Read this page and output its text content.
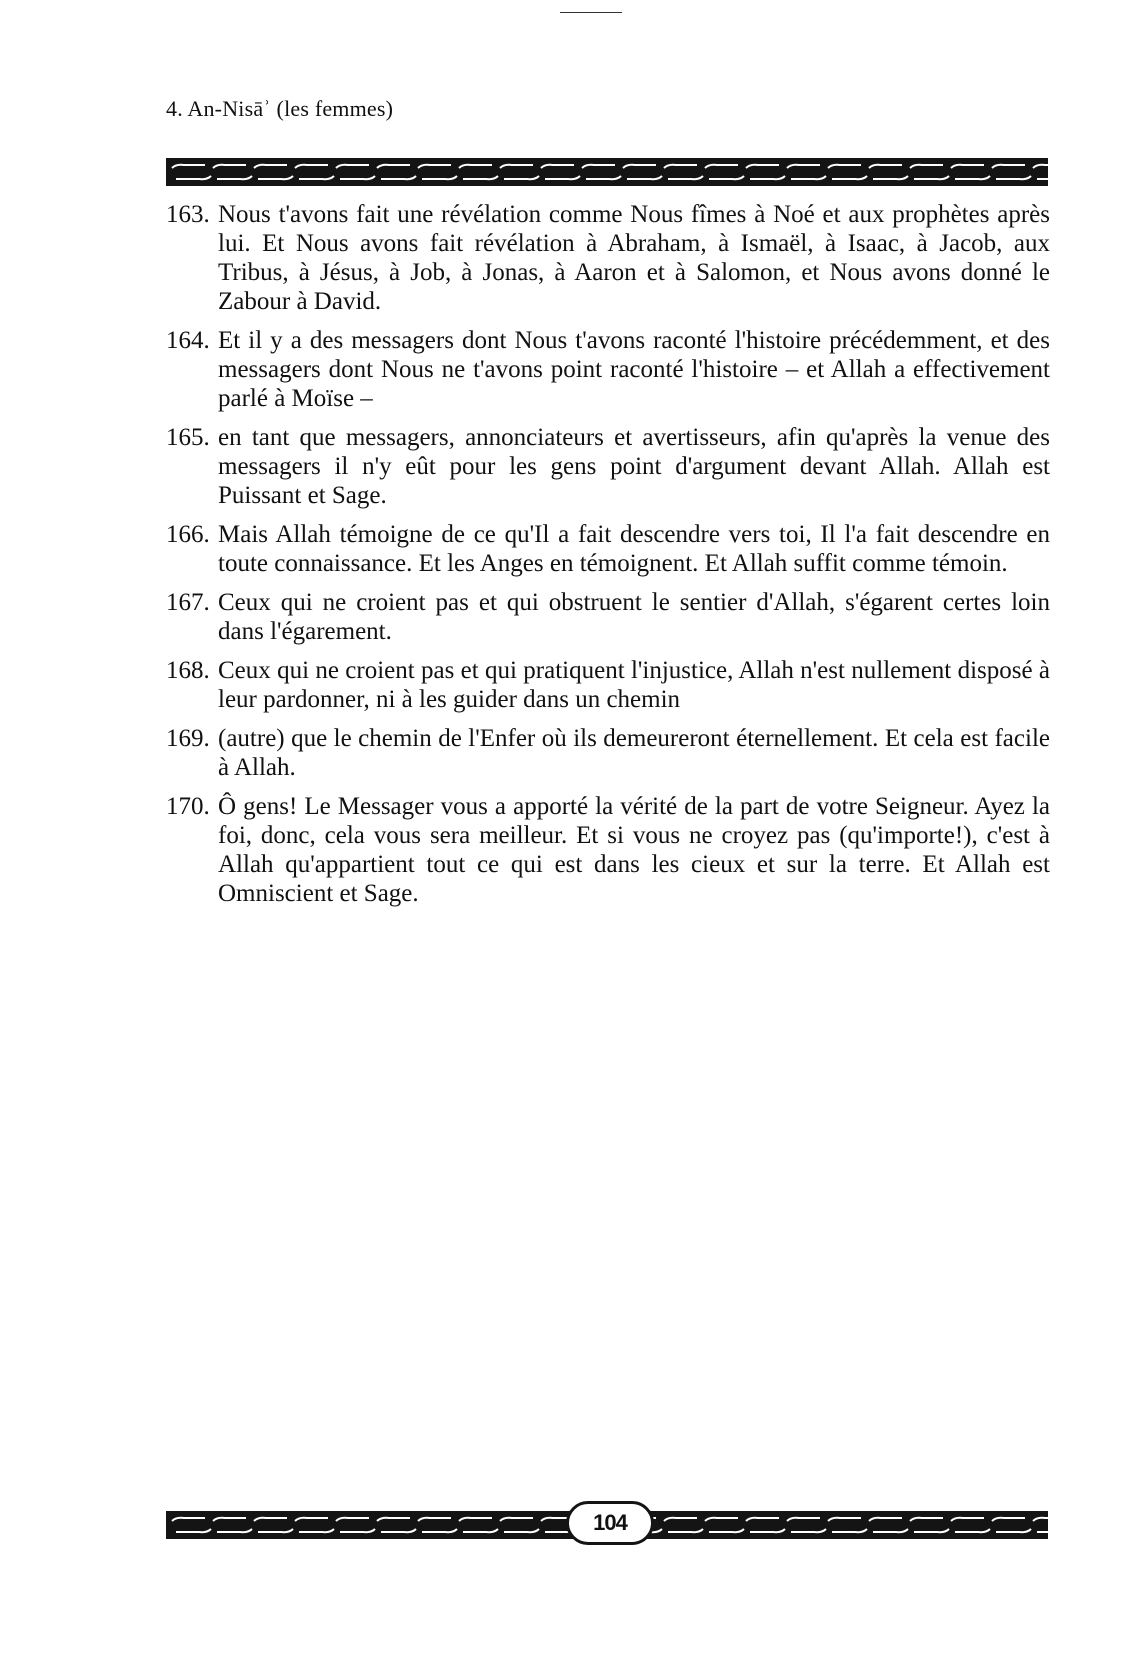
4. An-Nisāʾ (les femmes)
163. Nous t'avons fait une révélation comme Nous fîmes à Noé et aux prophètes après lui. Et Nous avons fait révélation à Abraham, à Ismaël, à Isaac, à Jacob, aux Tribus, à Jésus, à Job, à Jonas, à Aaron et à Salomon, et Nous avons donné le Zabour à David.
164. Et il y a des messagers dont Nous t'avons raconté l'histoire précédemment, et des messagers dont Nous ne t'avons point raconté l'histoire – et Allah a effectivement parlé à Moïse –
165. en tant que messagers, annonciateurs et avertisseurs, afin qu'après la venue des messagers il n'y eût pour les gens point d'argument devant Allah. Allah est Puissant et Sage.
166. Mais Allah témoigne de ce qu'Il a fait descendre vers toi, Il l'a fait descendre en toute connaissance. Et les Anges en témoignent. Et Allah suffit comme témoin.
167. Ceux qui ne croient pas et qui obstruent le sentier d'Allah, s'égarent certes loin dans l'égarement.
168. Ceux qui ne croient pas et qui pratiquent l'injustice, Allah n'est nullement disposé à leur pardonner, ni à les guider dans un chemin
169. (autre) que le chemin de l'Enfer où ils demeureront éternellement. Et cela est facile à Allah.
170. Ô gens! Le Messager vous a apporté la vérité de la part de votre Seigneur. Ayez la foi, donc, cela vous sera meilleur. Et si vous ne croyez pas (qu'importe!), c'est à Allah qu'appartient tout ce qui est dans les cieux et sur la terre. Et Allah est Omniscient et Sage.
104
